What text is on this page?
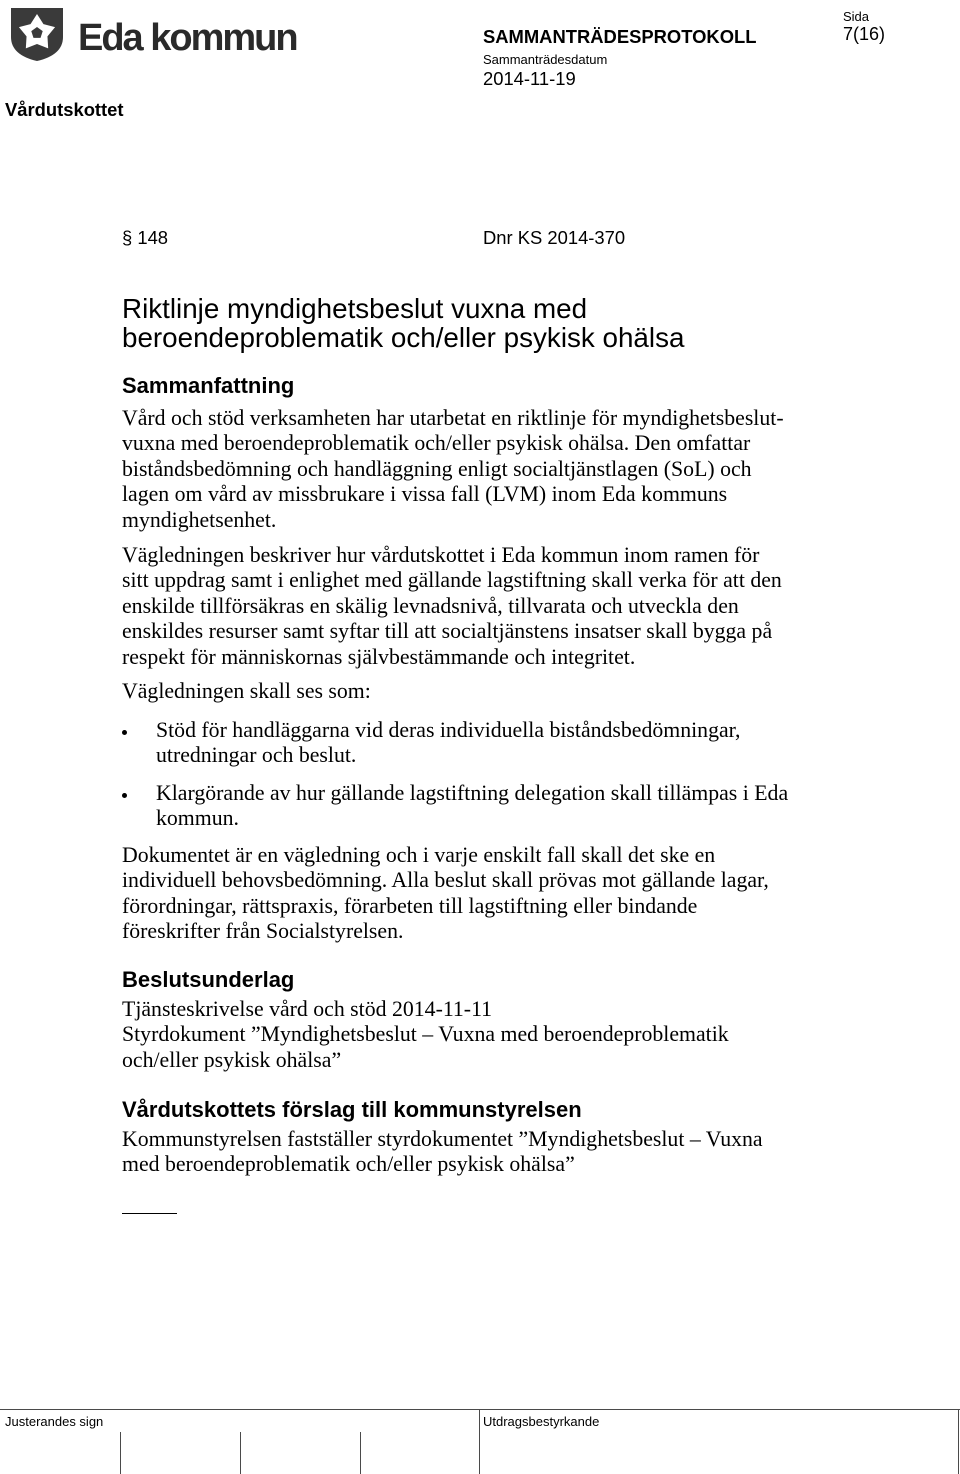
Eda kommun	SAMMANTRÄDESPROTOKOLL
Sammanträdesdatum
2014-11-19
Sida
7(16)
Vårdutskottet
§ 148	Dnr KS 2014-370
Riktlinje myndighetsbeslut vuxna med
beroendeproblematik och/eller psykisk ohälsa
Sammanfattning
Vård och stöd verksamheten har utarbetat en riktlinje för myndighetsbeslut-
vuxna med beroendeproblematik och/eller psykisk ohälsa. Den omfattar
biståndsbedömning och handläggning enligt socialtjänstlagen (SoL) och
lagen om vård av missbrukare i vissa fall (LVM) inom Eda kommuns
myndighetsenhet.
Vägledningen beskriver hur vårdutskottet i Eda kommun inom ramen för
sitt uppdrag samt i enlighet med gällande lagstiftning skall verka för att den
enskilde tillförsäkras en skälig levnadsnivå, tillvarata och utveckla den
enskildes resurser samt syftar till att socialtjänstens insatser skall bygga på
respekt för människornas självbestämmande och integritet.
Vägledningen skall ses som:
Stöd för handläggarna vid deras individuella biståndsbedömningar,
utredningar och beslut.
Klargörande av hur gällande lagstiftning delegation skall tillämpas i Eda
kommun.
Dokumentet är en vägledning och i varje enskilt fall skall det ske en
individuell behovsbedömning. Alla beslut skall prövas mot gällande lagar,
förordningar, rättspraxis, förarbeten till lagstiftning eller bindande
föreskrifter från Socialstyrelsen.
Beslutsunderlag
Tjänsteskrivelse vård och stöd 2014-11-11
Styrdokument ”Myndighetsbeslut – Vuxna med beroendeproblematik
och/eller psykisk ohälsa”
Vårdutskottets förslag till kommunstyrelsen
Kommunstyrelsen fastställer styrdokumentet ”Myndighetsbeslut – Vuxna
med beroendeproblematik och/eller psykisk ohälsa”
Justerandes sign	Utdragsbestyrkande
